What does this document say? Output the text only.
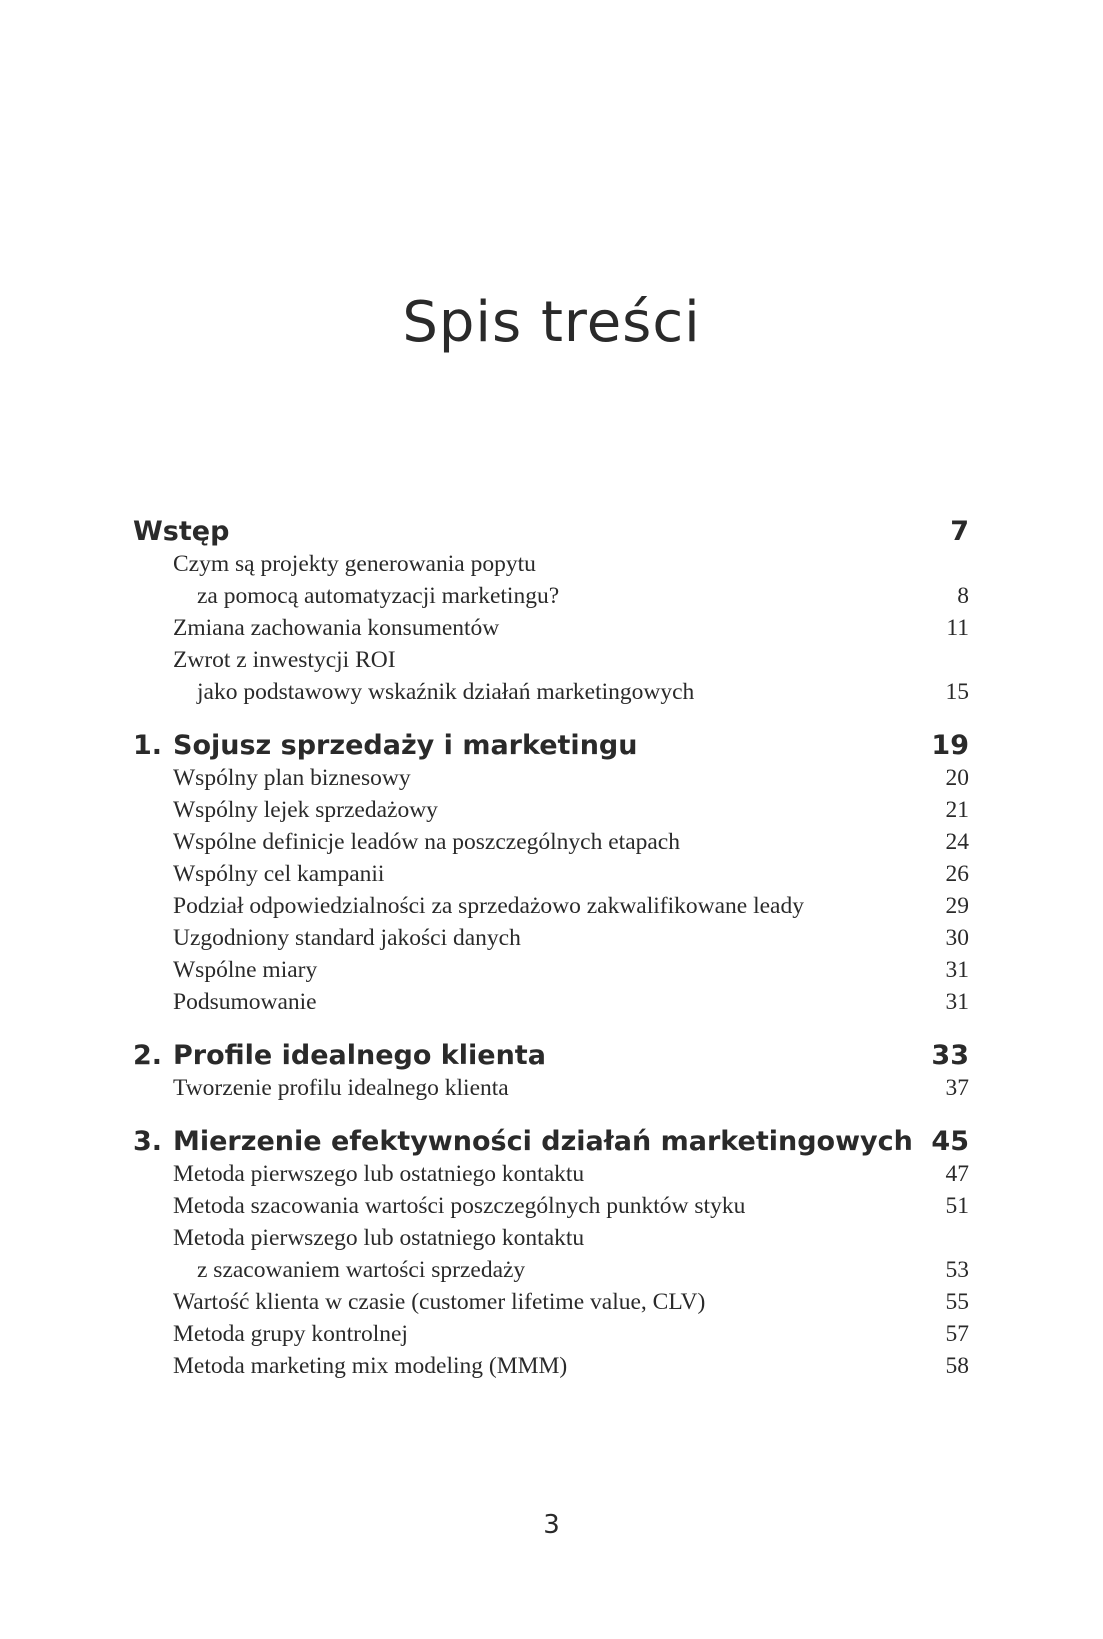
Spis treści
Wstęp	7
Czym są projekty generowania popytu
za pomocą automatyzacji marketingu?	8
Zmiana zachowania konsumentów	11
Zwrot z inwestycji ROI
jako podstawowy wskaźnik działań marketingowych	15
1. Sojusz sprzedaży i marketingu	19
Wspólny plan biznesowy	20
Wspólny lejek sprzedażowy	21
Wspólne definicje leadów na poszczególnych etapach	24
Wspólny cel kampanii	26
Podział odpowiedzialności za sprzedażowo zakwalifikowane leady	29
Uzgodniony standard jakości danych	30
Wspólne miary	31
Podsumowanie	31
2. Profile idealnego klienta	33
Tworzenie profilu idealnego klienta	37
3. Mierzenie efektywności działań marketingowych 45
Metoda pierwszego lub ostatniego kontaktu	47
Metoda szacowania wartości poszczególnych punktów styku	51
Metoda pierwszego lub ostatniego kontaktu
z szacowaniem wartości sprzedaży	53
Wartość klienta w czasie (customer lifetime value, CLV)	55
Metoda grupy kontrolnej	57
Metoda marketing mix modeling (MMM)	58
3
